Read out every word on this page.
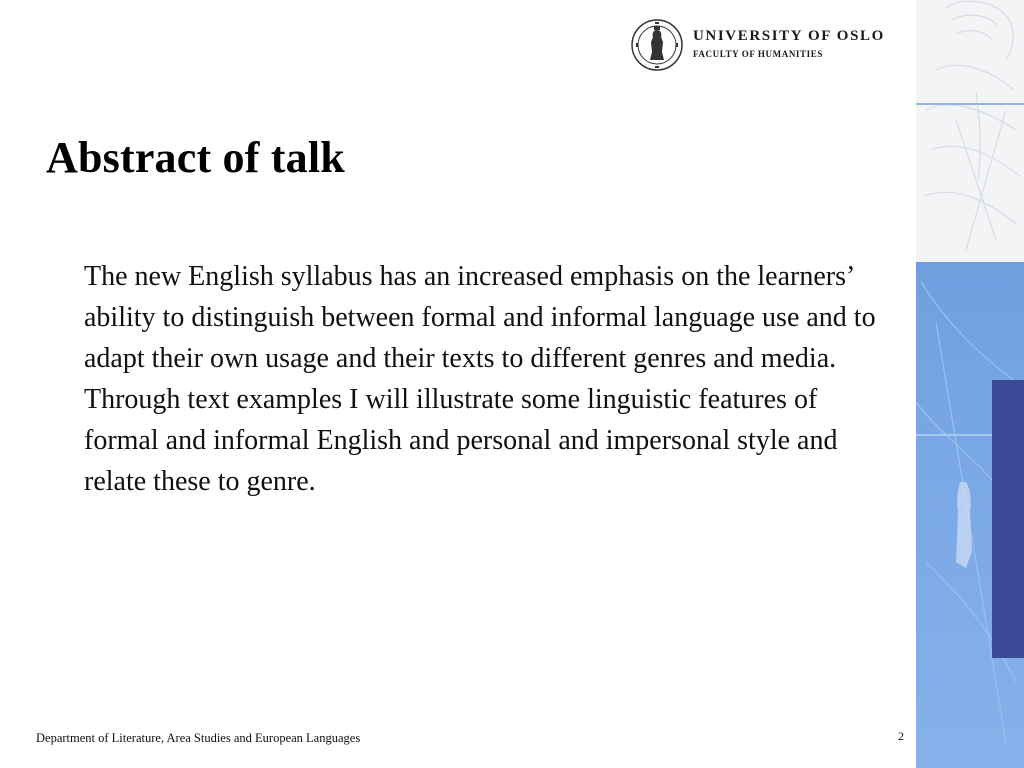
UNIVERSITY OF OSLO
FACULTY OF HUMANITIES
Abstract of talk

The new English syllabus has an increased emphasis on the learners’ ability to distinguish between formal and informal language use and to adapt their own usage and their texts to different genres and media. Through text examples I will illustrate some linguistic features of formal and informal English and personal and impersonal style and relate these to genre.

Department of Literature, Area Studies and European Languages	2
